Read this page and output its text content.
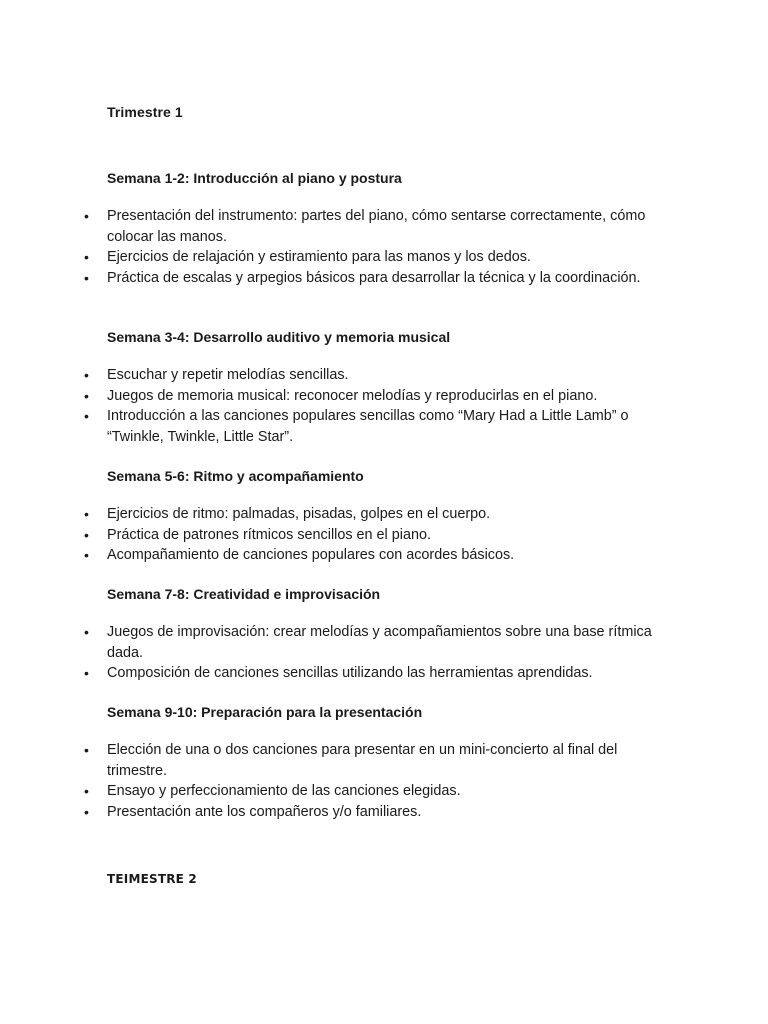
Trimestre 1
Semana 1-2: Introducción al piano y postura
• Presentación del instrumento: partes del piano, cómo sentarse correctamente, cómo colocar las manos.
• Ejercicios de relajación y estiramiento para las manos y los dedos.
• Práctica de escalas y arpegios básicos para desarrollar la técnica y la coordinación.
Semana 3-4: Desarrollo auditivo y memoria musical
• Escuchar y repetir melodías sencillas.
• Juegos de memoria musical: reconocer melodías y reproducirlas en el piano.
• Introducción a las canciones populares sencillas como “Mary Had a Little Lamb” o “Twinkle, Twinkle, Little Star”.
Semana 5-6: Ritmo y acompañamiento
• Ejercicios de ritmo: palmadas, pisadas, golpes en el cuerpo.
• Práctica de patrones rítmicos sencillos en el piano.
• Acompañamiento de canciones populares con acordes básicos.
Semana 7-8: Creatividad e improvisación
• Juegos de improvisación: crear melodías y acompañamientos sobre una base rítmica dada.
• Composición de canciones sencillas utilizando las herramientas aprendidas.
Semana 9-10: Preparación para la presentación
• Elección de una o dos canciones para presentar en un mini-concierto al final del trimestre.
• Ensayo y perfeccionamiento de las canciones elegidas.
• Presentación ante los compañeros y/o familiares.
TEIMESTRE 2
